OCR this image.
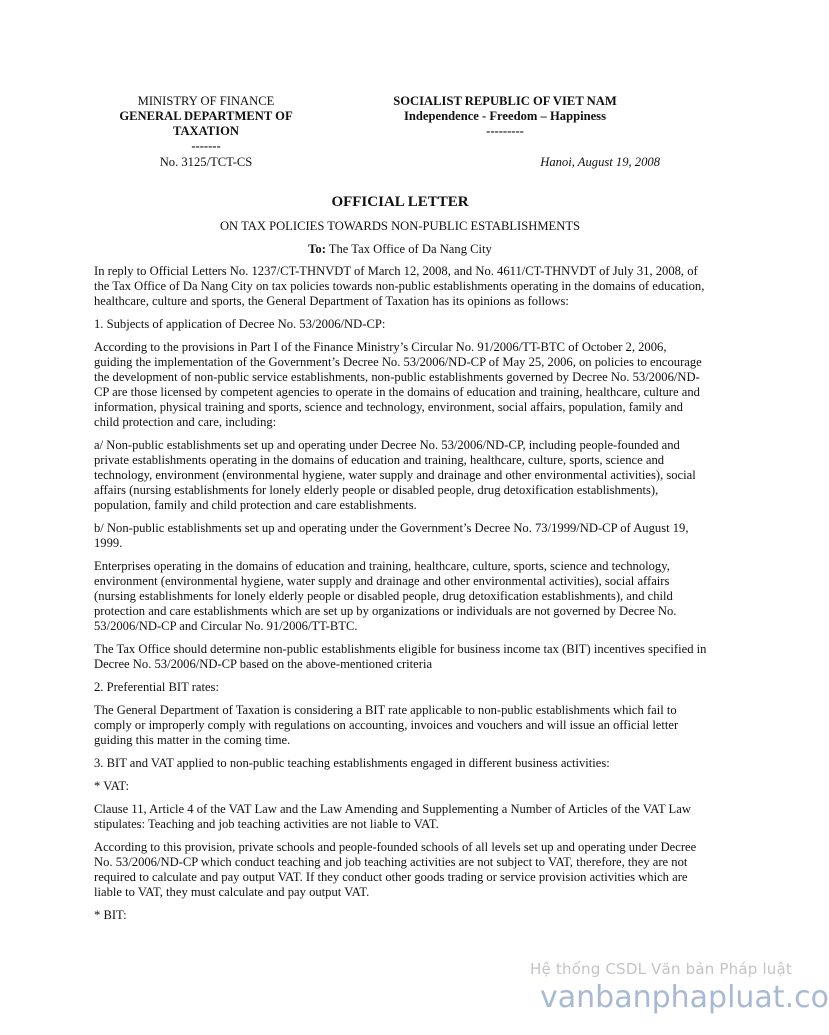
MINISTRY OF FINANCE
GENERAL DEPARTMENT OF TAXATION
-------
SOCIALIST REPUBLIC OF VIET NAM
Independence - Freedom – Happiness
---------
No. 3125/TCT-CS	Hanoi, August 19, 2008
OFFICIAL LETTER
ON TAX POLICIES TOWARDS NON-PUBLIC ESTABLISHMENTS
To: The Tax Office of Da Nang City

In reply to Official Letters No. 1237/CT-THNVDT of March 12, 2008, and No. 4611/CT-THNVDT of July 31, 2008, of the Tax Office of Da Nang City on tax policies towards non-public establishments operating in the domains of education, healthcare, culture and sports, the General Department of Taxation has its opinions as follows:

1. Subjects of application of Decree No. 53/2006/ND-CP:

According to the provisions in Part I of the Finance Ministry’s Circular No. 91/2006/TT-BTC of October 2, 2006, guiding the implementation of the Government’s Decree No. 53/2006/ND-CP of May 25, 2006, on policies to encourage the development of non-public service establishments, non-public establishments governed by Decree No. 53/2006/ND-CP are those licensed by competent agencies to operate in the domains of education and training, healthcare, culture and information, physical training and sports, science and technology, environment, social affairs, population, family and child protection and care, including:

a/ Non-public establishments set up and operating under Decree No. 53/2006/ND-CP, including people-founded and private establishments operating in the domains of education and training, healthcare, culture, sports, science and technology, environment (environmental hygiene, water supply and drainage and other environmental activities), social affairs (nursing establishments for lonely elderly people or disabled people, drug detoxification establishments), population, family and child protection and care establishments.

b/ Non-public establishments set up and operating under the Government’s Decree No. 73/1999/ND-CP of August 19, 1999.

Enterprises operating in the domains of education and training, healthcare, culture, sports, science and technology, environment (environmental hygiene, water supply and drainage and other environmental activities), social affairs (nursing establishments for lonely elderly people or disabled people, drug detoxification establishments), and child protection and care establishments which are set up by organizations or individuals are not governed by Decree No. 53/2006/ND-CP and Circular No. 91/2006/TT-BTC.

The Tax Office should determine non-public establishments eligible for business income tax (BIT) incentives specified in Decree No. 53/2006/ND-CP based on the above-mentioned criteria

2. Preferential BIT rates:

The General Department of Taxation is considering a BIT rate applicable to non-public establishments which fail to comply or improperly comply with regulations on accounting, invoices and vouchers and will issue an official letter guiding this matter in the coming time.

3. BIT and VAT applied to non-public teaching establishments engaged in different business activities:

* VAT:

Clause 11, Article 4 of the VAT Law and the Law Amending and Supplementing a Number of Articles of the VAT Law stipulates: Teaching and job teaching activities are not liable to VAT.

According to this provision, private schools and people-founded schools of all levels set up and operating under Decree No. 53/2006/ND-CP which conduct teaching and job teaching activities are not subject to VAT, therefore, they are not required to calculate and pay output VAT. If they conduct other goods trading or service provision activities which are liable to VAT, they must calculate and pay output VAT.

* BIT:

Hệ thống CSDL Văn bản Pháp luật
vanbanphapluat.co
